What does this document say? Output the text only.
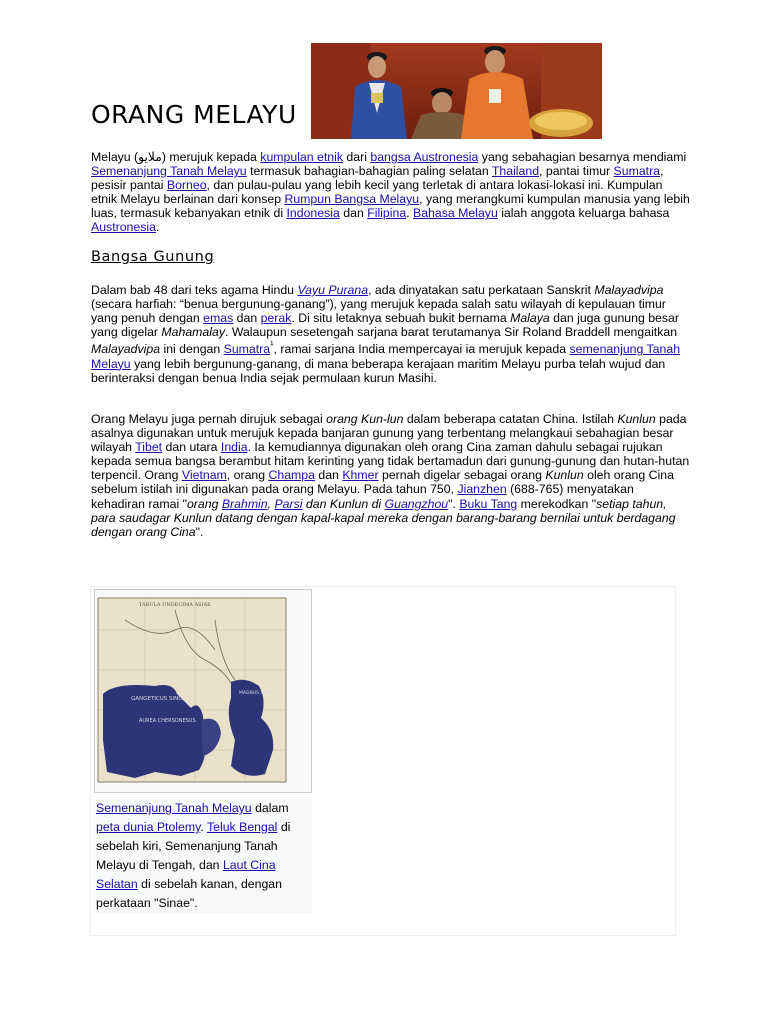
ORANG MELAYU
Melayu (ملايو) merujuk kepada kumpulan etnik dari bangsa Austronesia yang sebahagian besarnya mendiami Semenanjung Tanah Melayu termasuk bahagian-bahagian paling selatan Thailand, pantai timur Sumatra, pesisir pantai Borneo, dan pulau-pulau yang lebih kecil yang terletak di antara lokasi-lokasi ini. Kumpulan etnik Melayu berlainan dari konsep Rumpun Bangsa Melayu, yang merangkumi kumpulan manusia yang lebih luas, termasuk kebanyakan etnik di Indonesia dan Filipina. Bahasa Melayu ialah anggota keluarga bahasa Austronesia.
Bangsa Gunung
Dalam bab 48 dari teks agama Hindu Vayu Purana, ada dinyatakan satu perkataan Sanskrit Malayadvipa (secara harfiah: “benua bergunung-ganang”), yang merujuk kepada salah satu wilayah di kepulauan timur yang penuh dengan emas dan perak. Di situ letaknya sebuah bukit bernama Malaya dan juga gunung besar yang digelar Mahamalay. Walaupun sesetengah sarjana barat terutamanya Sir Roland Braddell mengaitkan Malayadvipa ini dengan Sumatra$^{^1}$, ramai sarjana India mempercayai ia merujuk kepada semenanjung Tanah Melayu yang lebih bergunung-ganang, di mana beberapa kerajaan maritim Melayu purba telah wujud dan berinteraksi dengan benua India sejak permulaan kurun Masihi.
Orang Melayu juga pernah dirujuk sebagai orang Kun-lun dalam beberapa catatan China. Istilah Kunlun pada asalnya digunakan untuk merujuk kepada banjaran gunung yang terbentang melangkaui sebahagian besar wilayah Tibet dan utara India. Ia kemudiannya digunakan oleh orang Cina zaman dahulu sebagai rujukan kepada semua bangsa berambut hitam kerinting yang tidak bertamadun dari gunung-gunung dan hutan-hutan terpencil. Orang Vietnam, orang Champa dan Khmer pernah digelar sebagai orang Kunlun oleh orang Cina sebelum istilah ini digunakan pada orang Melayu. Pada tahun 750, Jianzhen (688-765) menyatakan kehadiran ramai "orang Brahmin, Parsi dan Kunlun di Guangzhou". Buku Tang merekodkan "setiap tahun, para saudagar Kunlun datang dengan kapal-kapal mereka dengan barang-barang bernilai untuk berdagang dengan orang Cina".
TABULA UNDECIMA ASIAE
GANGETICUS SINUS
AUREA CHERSONESUS
MAGNUS SINUS
Semenanjung Tanah Melayu dalam peta dunia Ptolemy. Teluk Bengal di sebelah kiri, Semenanjung Tanah Melayu di Tengah, dan Laut Cina Selatan di sebelah kanan, dengan perkataan "Sinae".
